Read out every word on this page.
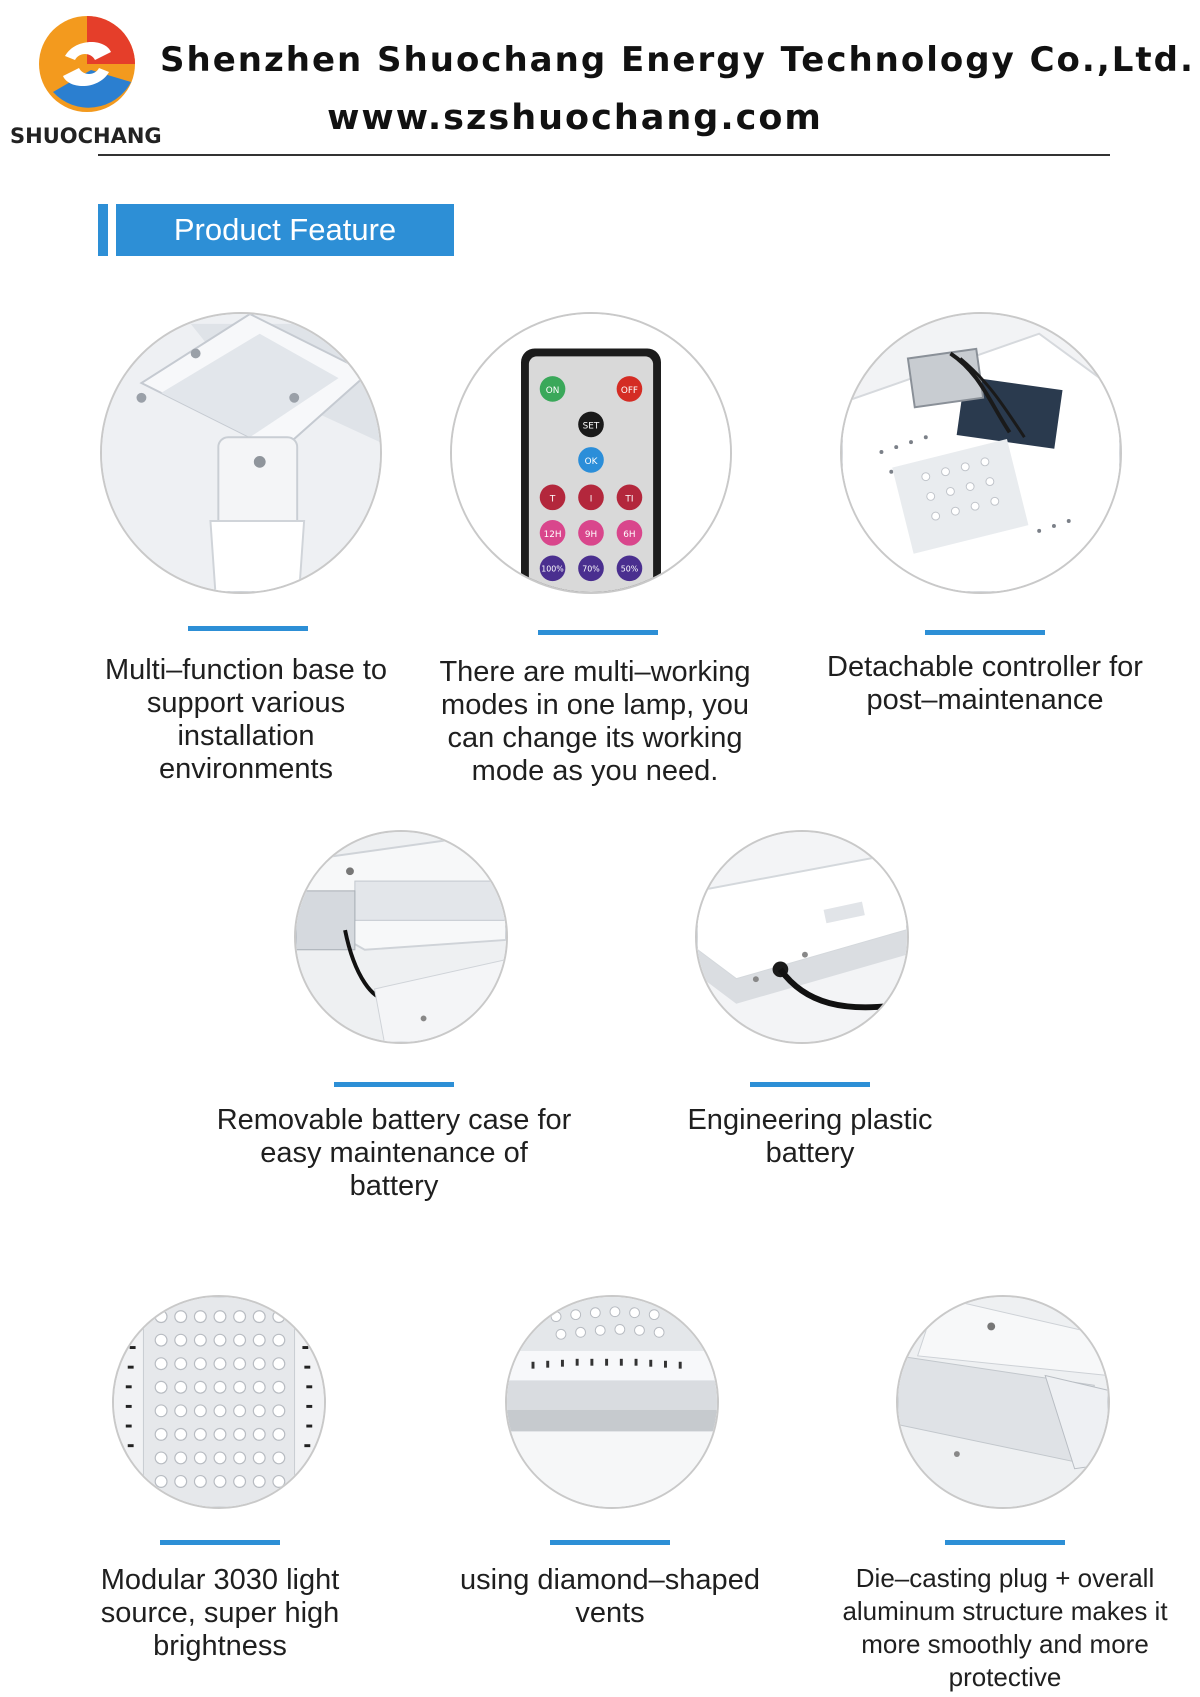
SHUOCHANG
Shenzhen Shuochang Energy Technology Co.,Ltd.
www.szshuochang.com
Product Feature
Multi–function base to support various installation environments
ON	OFF
SET
OK
T	I	TI
12H	9H	6H
100% 70%	50%
There are multi–working modes in one lamp, you can change its working mode as you need.
Detachable controller for post–maintenance
Removable battery case for easy maintenance of battery
Engineering plastic battery
Modular 3030 light source, super high brightness
using diamond–shaped vents
Die–casting plug + overall aluminum structure makes it more smoothly and more protective
